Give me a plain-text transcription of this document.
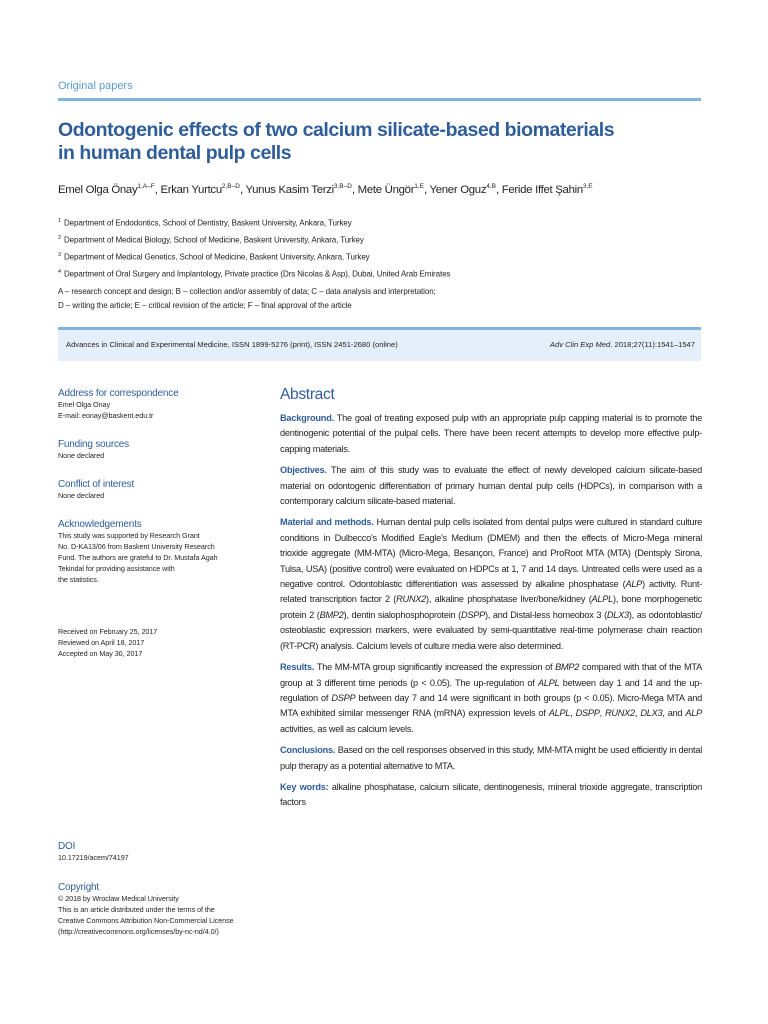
Original papers
Odontogenic effects of two calcium silicate-based biomaterials
in human dental pulp cells
Emel Olga Önay$^{1,A-F}$, Erkan Yurtcu$^{2,B-D}$, Yunus Kasim Terzi$^{3,B-D}$, Mete Üngör$^{1,E}$, Yener Oguz$^{4,B}$, Feride Iffet Şahin$^{3,E}$
$^1$ Department of Endodontics, School of Dentistry, Baskent University, Ankara, Turkey
$^2$ Department of Medical Biology, School of Medicine, Baskent University, Ankara, Turkey
$^3$ Department of Medical Genetics, School of Medicine, Baskent University, Ankara, Turkey
$^4$ Department of Oral Surgery and Implantology, Private practice (Drs Nicolas & Asp), Dubai, United Arab Emirates
A – research concept and design; B – collection and/or assembly of data; C – data analysis and interpretation;
D – writing the article; E – critical revision of the article; F – final approval of the article
Advances in Clinical and Experimental Medicine, ISSN 1899-5276 (print), ISSN 2451-2680 (online)	Adv Clin Exp Med. 2018;27(11):1541–1547
Address for correspondence
Emel Olga Onay
E-mail: eonay@baskent.edu.tr
Funding sources
None declared
Conflict of interest
None declared
Acknowledgements
This study was supported by Research Grant
No. D-KA13/06 from Baskent University Research
Fund. The authors are grateful to Dr. Mustafa Agah
Tekindal for providing assistance with
the statistics.
Received on February 25, 2017
Reviewed on April 18, 2017
Accepted on May 30, 2017
DOI
10.17219/acem/74197
Copyright
© 2018 by Wroclaw Medical University
This is an article distributed under the terms of the
Creative Commons Attribution Non-Commercial License
(http://creativecommons.org/licenses/by-nc-nd/4.0/)
Abstract

Background. The goal of treating exposed pulp with an appropriate pulp capping material is to promote the dentinogenic potential of the pulpal cells. There have been recent attempts to develop more effective pulp-capping materials.

Objectives. The aim of this study was to evaluate the effect of newly developed calcium silicate-based material on odontogenic differentiation of primary human dental pulp cells (HDPCs), in comparison with a contemporary calcium silicate-based material.

Material and methods. Human dental pulp cells isolated from dental pulps were cultured in standard culture conditions in Dulbecco's Modified Eagle's Medium (DMEM) and then the effects of Micro-Mega mineral trioxide aggregate (MM-MTA) (Micro-Mega, Besançon, France) and ProRoot MTA (MTA) (Dentsply Sirona, Tulsa, USA) (positive control) were evaluated on HDPCs at 1, 7 and 14 days. Untreated cells were used as a negative control. Odontoblastic differentiation was assessed by alkaline phosphatase (ALP) activity. Runt-related transcription factor 2 (RUNX2), alkaline phosphatase liver/bone/kidney (ALPL), bone morphogenetic protein 2 (BMP2), dentin sialophosphoprotein (DSPP), and Distal-less homeobox 3 (DLX3), as odontoblastic/ osteoblastic expression markers, were evaluated by semi-quantitative real-time polymerase chain reaction (RT-PCR) analysis. Calcium levels of culture media were also determined.

Results. The MM-MTA group significantly increased the expression of BMP2 compared with that of the MTA group at 3 different time periods (p < 0.05). The up-regulation of ALPL between day 1 and 14 and the up-regulation of DSPP between day 7 and 14 were significant in both groups (p < 0.05). Micro-Mega MTA and MTA exhibited similar messenger RNA (mRNA) expression levels of ALPL, DSPP, RUNX2, DLX3, and ALP activities, as well as calcium levels.

Conclusions. Based on the cell responses observed in this study, MM-MTA might be used efficiently in dental pulp therapy as a potential alternative to MTA.

Key words: alkaline phosphatase, calcium silicate, dentinogenesis, mineral trioxide aggregate, transcription factors
